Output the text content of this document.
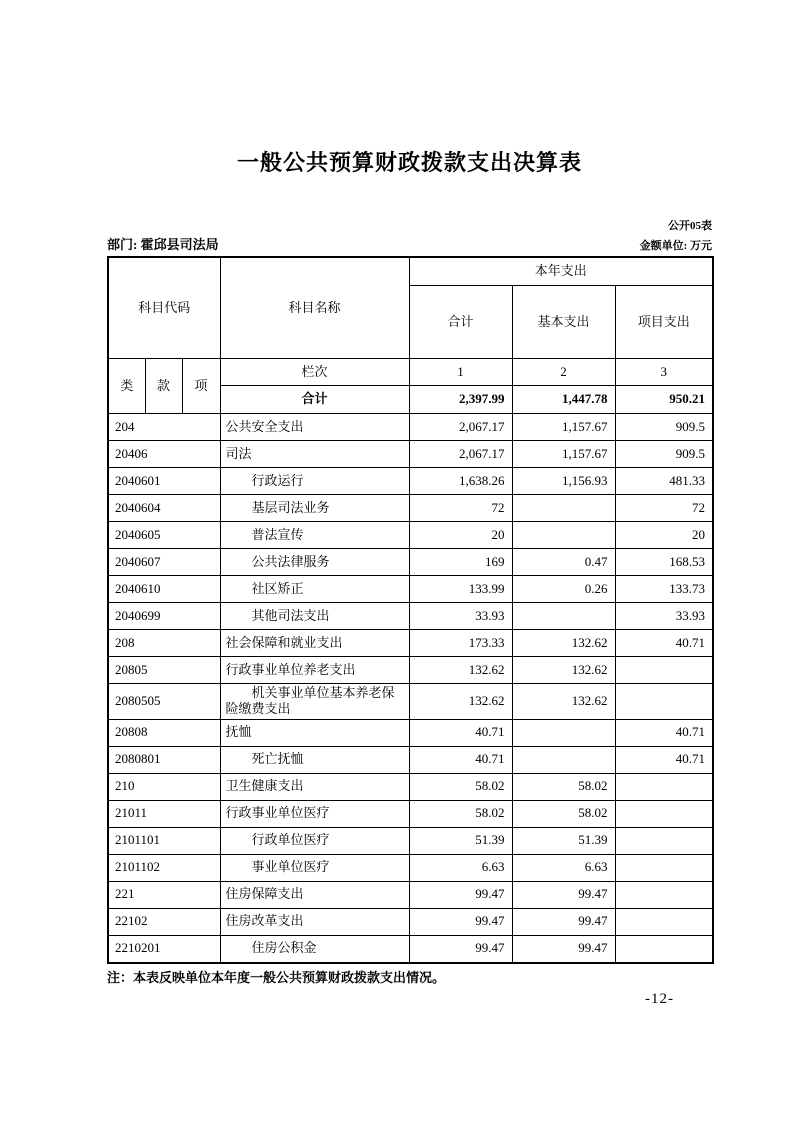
一般公共预算财政拨款支出决算表
公开05表
部门: 霍邱县司法局	金额单位: 万元
科目代码			科目名称	本年支出		
				合计	基本支出	项目支出
类	款	项	栏次	1	2	3
			合计	2,397.99	1,447.78	950.21
204			公共安全支出	2,067.17	1,157.67	909.5
20406			司法	2,067.17	1,157.67	909.5
2040601			行政运行	1,638.26	1,156.93	481.33
2040604			基层司法业务	72		72
2040605			普法宣传	20		20
2040607			公共法律服务	169	0.47	168.53
2040610			社区矫正	133.99	0.26	133.73
2040699			其他司法支出	33.93		33.93
208			社会保障和就业支出	173.33	132.62	40.71
20805			行政事业单位养老支出	132.62	132.62	
2080505			机关事业单位基本养老保险缴费支出	132.62	132.62	
20808			抚恤	40.71		40.71
2080801			死亡抚恤	40.71		40.71
210			卫生健康支出	58.02	58.02	
21011			行政事业单位医疗	58.02	58.02	
2101101			行政单位医疗	51.39	51.39	
2101102			事业单位医疗	6.63	6.63	
221			住房保障支出	99.47	99.47	
22102			住房改革支出	99.47	99.47	
2210201			住房公积金	99.47	99.47	
注：本表反映单位本年度一般公共预算财政拨款支出情况。
-12-
